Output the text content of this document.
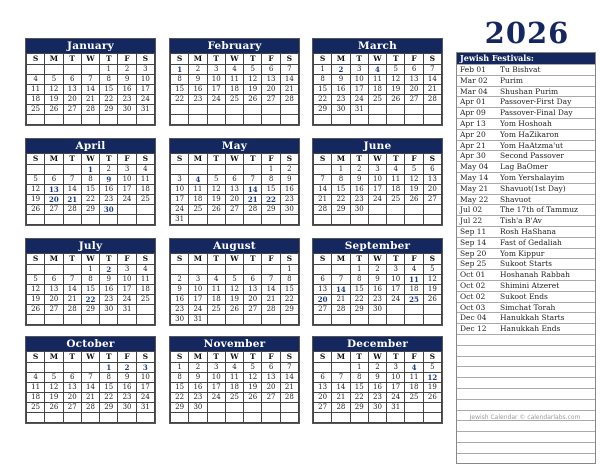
2026
January
S	M	T	W	T	F	S
				1	2	3
4	5	6	7	8	9	10
11	12	13	14	15	16	17
18	19	20	21	22	23	24
25	26	27	28	29	30	31

February
S	M	T	W	T	F	S
1	2	3	4	5	6	7
8	9	10	11	12	13	14
15	16	17	18	19	20	21
22	23	24	25	26	27	28

March
S	M	T	W	T	F	S
1	2	3	4	5	6	7
8	9	10	11	12	13	14
15	16	17	18	19	20	21
22	23	24	25	26	27	28
29	30	31				

April
S	M	T	W	T	F	S
			1	2	3	4
5	6	7	8	9	10	11
12	13	14	15	16	17	18
19	20	21	22	23	24	25
26	27	28	29	30		

May
S	M	T	W	T	F	S
					1	2
3	4	5	6	7	8	9
10	11	12	13	14	15	16
17	18	19	20	21	22	23
24	25	26	27	28	29	30
31						
June
S	M	T	W	T	F	S
	1	2	3	4	5	6
7	8	9	10	11	12	13
14	15	16	17	18	19	20
21	22	23	24	25	26	27
28	29	30				

July
S	M	T	W	T	F	S
			1	2	3	4
5	6	7	8	9	10	11
12	13	14	15	16	17	18
19	20	21	22	23	24	25
26	27	28	29	30	31	

August
S	M	T	W	T	F	S
						1
2	3	4	5	6	7	8
9	10	11	12	13	14	15
16	17	18	19	20	21	22
23	24	25	26	27	28	29
30	31					
September
S	M	T	W	T	F	S
		1	2	3	4	5
6	7	8	9	10	11	12
13	14	15	16	17	18	19
20	21	22	23	24	25	26
27	28	29	30			

October
S	M	T	W	T	F	S
				1	2	3
4	5	6	7	8	9	10
11	12	13	14	15	16	17
18	19	20	21	22	23	24
25	26	27	28	29	30	31

November
S	M	T	W	T	F	S
1	2	3	4	5	6	7
8	9	10	11	12	13	14
15	16	17	18	19	20	21
22	23	24	25	26	27	28
29	30					

December
S	M	T	W	T	F	S
		1	2	3	4	5
6	7	8	9	10	11	12
13	14	15	16	17	18	19
20	21	22	23	24	25	26
27	28	29	30	31		

Jewish Festivals:
Feb 01	Tu Bishvat
Mar 02	Purim
Mar 04	Shushan Purim
Apr 01	Passover-First Day
Apr 09	Passover-Final Day
Apr 13	Yom Hoshoah
Apr 20	Yom HaZikaron
Apr 21	Yom HaAtzma'ut
Apr 30	Second Passover
May 04	Lag BaOmer
May 14	Yom Yershalayim
May 21	Shavuot(1st Day)
May 22	Shavuot
Jul 02	The 17th of Tammuz
Jul 22	Tish'a B'Av
Sep 11	Rosh HaShana
Sep 14	Fast of Gedaliah
Sep 20	Yom Kippur
Sep 25	Sukoot Starts
Oct 01	Hoshanah Rabbah
Oct 02	Shimini Atzeret
Oct 02	Sukoot Ends
Oct 03	Simchat Torah
Dec 04	Hanukkah Starts
Dec 12	Hanukkah Ends
Jewish Calendar © calendarlabs.com
